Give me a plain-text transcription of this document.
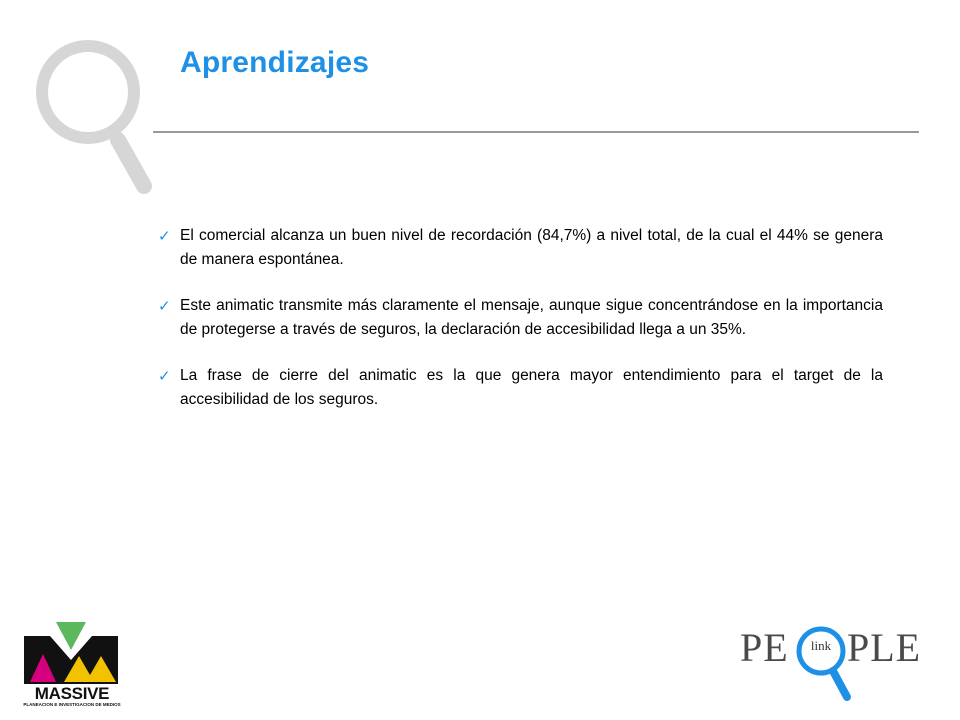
Aprendizajes
✓ El comercial alcanza un buen nivel de recordación (84,7%) a nivel total, de la cual el 44% se genera de manera espontánea.
✓ Este animatic transmite más claramente el mensaje, aunque sigue concentrándose en la importancia de protegerse a través de seguros, la declaración de accesibilidad llega a un 35%.
✓ La frase de cierre del animatic es la que genera mayor entendimiento para el target de la accesibilidad de los seguros.
MASSIVE
PLANEACION E INVESTIGACION DE MEDIOS
PE	link PLE
